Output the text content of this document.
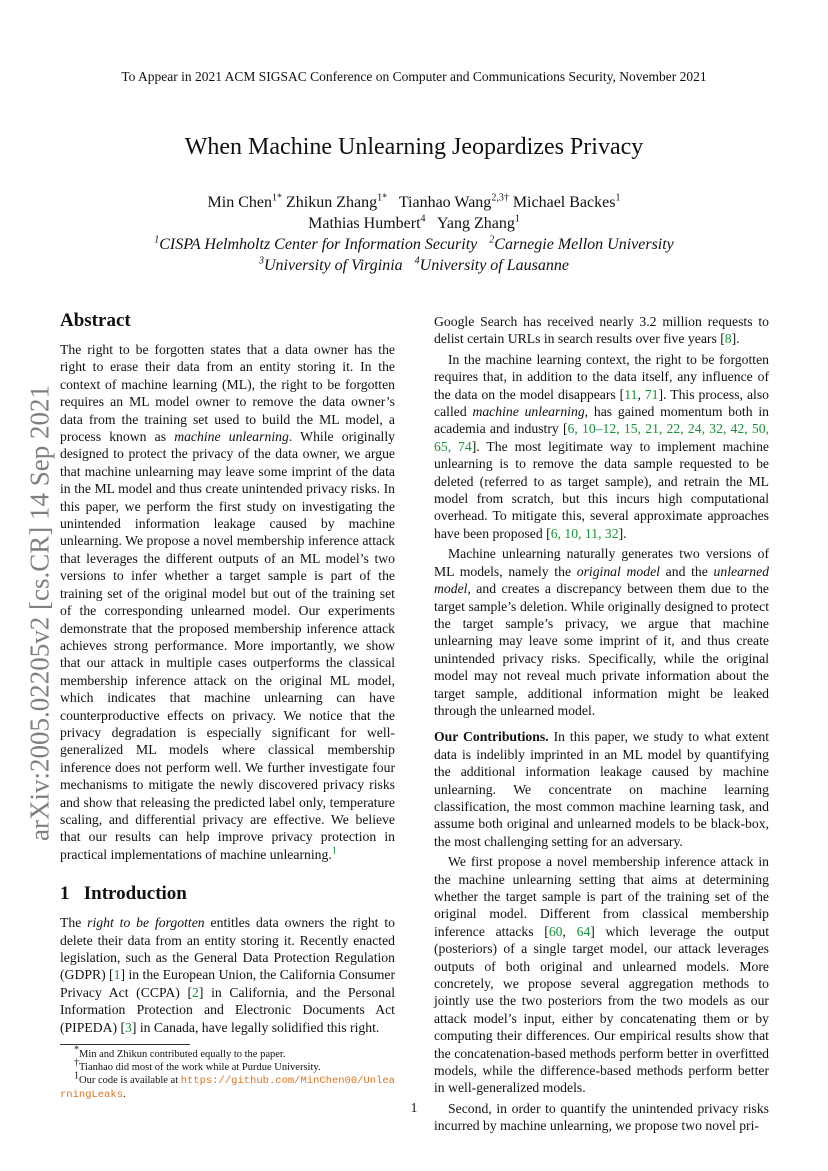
To Appear in 2021 ACM SIGSAC Conference on Computer and Communications Security, November 2021
When Machine Unlearning Jeopardizes Privacy
Min Chen$^{1*}$ Zhikun Zhang$^{1*}$ Tianhao Wang$^{2,3\dagger}$ Michael Backes$^1$
Mathias Humbert$^4$ Yang Zhang$^1$
$^1$CISPA Helmholtz Center for Information Security $^2$Carnegie Mellon University
$^3$University of Virginia $^4$University of Lausanne
arXiv:2005.02205v2 [cs.CR] 14 Sep 2021
Abstract

The right to be forgotten states that a data owner has the right to erase their data from an entity storing it. In the context of machine learning (ML), the right to be forgotten requires an ML model owner to remove the data owner’s data from the training set used to build the ML model, a process known as machine unlearning. While originally designed to protect the privacy of the data owner, we argue that machine unlearning may leave some imprint of the data in the ML model and thus create unintended privacy risks. In this paper, we perform the first study on investigating the unintended information leakage caused by machine unlearning. We propose a novel membership inference attack that leverages the different outputs of an ML model’s two versions to infer whether a target sample is part of the training set of the original model but out of the training set of the corresponding unlearned model. Our experiments demonstrate that the proposed membership inference attack achieves strong performance. More importantly, we show that our attack in multiple cases outperforms the classical membership inference attack on the original ML model, which indicates that machine unlearning can have counterproductive effects on privacy. We notice that the privacy degradation is especially significant for well-generalized ML models where classical membership inference does not perform well. We further investigate four mechanisms to mitigate the newly discovered privacy risks and show that releasing the predicted label only, temperature scaling, and differential privacy are effective. We believe that our results can help improve privacy protection in practical implementations of machine unlearning.$^1$

1 Introduction

The right to be forgotten entitles data owners the right to delete their data from an entity storing it. Recently enacted legislation, such as the General Data Protection Regulation (GDPR) [1] in the European Union, the California Consumer Privacy Act (CCPA) [2] in California, and the Personal Information Protection and Electronic Documents Act (PIPEDA) [3] in Canada, have legally solidified this right.

*Min and Zhikun contributed equally to the paper.

†Tianhao did most of the work while at Purdue University.

$^1$Our code is available at https://github.com/MinChen00/UnlearningLeaks.

Google Search has received nearly 3.2 million requests to delist certain URLs in search results over five years [8].

In the machine learning context, the right to be forgotten requires that, in addition to the data itself, any influence of the data on the model disappears [11, 71]. This process, also called machine unlearning, has gained momentum both in academia and industry [6, 10–12, 15, 21, 22, 24, 32, 42, 50, 65, 74]. The most legitimate way to implement machine unlearning is to remove the data sample requested to be deleted (referred to as target sample), and retrain the ML model from scratch, but this incurs high computational overhead. To mitigate this, several approximate approaches have been proposed [6, 10, 11, 32].

Machine unlearning naturally generates two versions of ML models, namely the original model and the unlearned model, and creates a discrepancy between them due to the target sample’s deletion. While originally designed to protect the target sample’s privacy, we argue that machine unlearning may leave some imprint of it, and thus create unintended privacy risks. Specifically, while the original model may not reveal much private information about the target sample, additional information might be leaked through the unlearned model.

Our Contributions. In this paper, we study to what extent data is indelibly imprinted in an ML model by quantifying the additional information leakage caused by machine unlearning. We concentrate on machine learning classification, the most common machine learning task, and assume both original and unlearned models to be black-box, the most challenging setting for an adversary.

We first propose a novel membership inference attack in the machine unlearning setting that aims at determining whether the target sample is part of the training set of the original model. Different from classical membership inference attacks [60, 64] which leverage the output (posteriors) of a single target model, our attack leverages outputs of both original and unlearned models. More concretely, we propose several aggregation methods to jointly use the two posteriors from the two models as our attack model’s input, either by concatenating them or by computing their differences. Our empirical results show that the concatenation-based methods perform better in overfitted models, while the difference-based methods perform better in well-generalized models.

Second, in order to quantify the unintended privacy risks incurred by machine unlearning, we propose two novel pri-

1
